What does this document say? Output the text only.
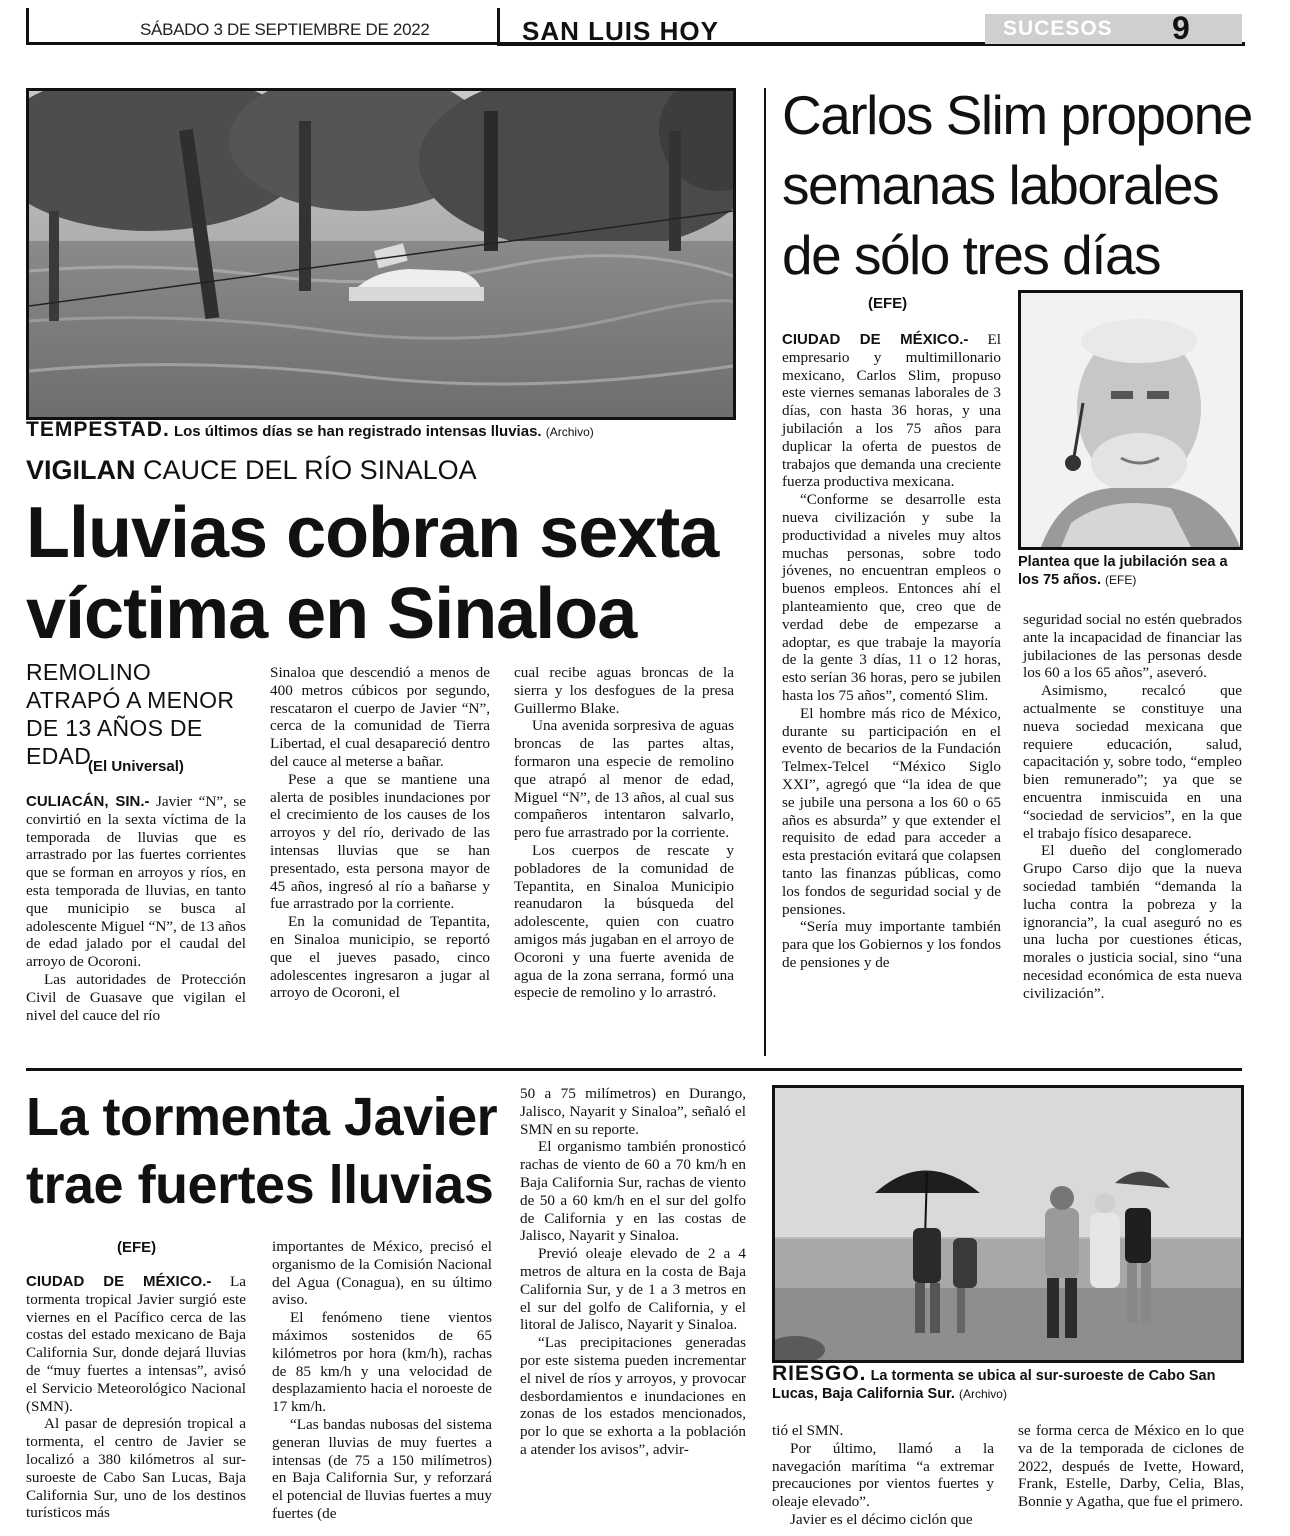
SÁBADO 3 DE SEPTIEMBRE DE 2022	SAN LUIS HOY	SUCESOS 9
TEMPESTAD. Los últimos días se han registrado intensas lluvias. (Archivo)
VIGILAN CAUCE DEL RÍO SINALOA
Lluvias cobran sexta
víctima en Sinaloa
REMOLINO ATRAPÓ A MENOR DE 13 AÑOS DE EDAD
(El Universal)

CULIACÁN, SIN.- Javier “N”, se convirtió en la sexta víctima de la temporada de lluvias que es arrastrado por las fuertes corrientes que se forman en arroyos y ríos, en esta temporada de lluvias, en tanto que municipio se busca al adolescente Miguel “N”, de 13 años de edad jalado por el caudal del arroyo de Ocoroni.

Las autoridades de Protección Civil de Guasave que vigilan el nivel del cauce del río

Sinaloa que descendió a menos de 400 metros cúbicos por segundo, rescataron el cuerpo de Javier “N”, cerca de la comunidad de Tierra Libertad, el cual desapareció dentro del cauce al meterse a bañar.

Pese a que se mantiene una alerta de posibles inundaciones por el crecimiento de los causes de los arroyos y del río, derivado de las intensas lluvias que se han presentado, esta persona mayor de 45 años, ingresó al río a bañarse y fue arrastrado por la corriente.

En la comunidad de Tepantita, en Sinaloa municipio, se reportó que el jueves pasado, cinco adolescentes ingresaron a jugar al arroyo de Ocoroni, el

cual recibe aguas broncas de la sierra y los desfogues de la presa Guillermo Blake.

Una avenida sorpresiva de aguas broncas de las partes altas, formaron una especie de remolino que atrapó al menor de edad, Miguel “N”, de 13 años, al cual sus compañeros intentaron salvarlo, pero fue arrastrado por la corriente.

Los cuerpos de rescate y pobladores de la comunidad de Tepantita, en Sinaloa Municipio reanudaron la búsqueda del adolescente, quien con cuatro amigos más jugaban en el arroyo de Ocoroni y una fuerte avenida de agua de la zona serrana, formó una especie de remolino y lo arrastró.

Carlos Slim propone
semanas laborales
de sólo tres días
(EFE)
Plantea que la jubilación sea a los 75 años. (EFE)

CIUDAD DE MÉXICO.- El empresario y multimillonario mexicano, Carlos Slim, propuso este viernes semanas laborales de 3 días, con hasta 36 horas, y una jubilación a los 75 años para duplicar la oferta de puestos de trabajos que demanda una creciente fuerza productiva mexicana.

“Conforme se desarrolle esta nueva civilización y sube la productividad a niveles muy altos muchas personas, sobre todo jóvenes, no encuentran empleos o buenos empleos. Entonces ahí el planteamiento que, creo que de verdad debe de empezarse a adoptar, es que trabaje la mayoría de la gente 3 días, 11 o 12 horas, esto serían 36 horas, pero se jubilen hasta los 75 años”, comentó Slim.

El hombre más rico de México, durante su participación en el evento de becarios de la Fundación Telmex-Telcel “México Siglo XXI”, agregó que “la idea de que se jubile una persona a los 60 o 65 años es absurda” y que extender el requisito de edad para acceder a esta prestación evitará que colapsen tanto las finanzas públicas, como los fondos de seguridad social y de pensiones.

“Sería muy importante también para que los Gobiernos y los fondos de pensiones y de

seguridad social no estén quebrados ante la incapacidad de financiar las jubilaciones de las personas desde los 60 a los 65 años”, aseveró.

Asimismo, recalcó que actualmente se constituye una nueva sociedad mexicana que requiere educación, salud, capacitación y, sobre todo, “empleo bien remunerado”; ya que se encuentra inmiscuida en una “sociedad de servicios”, en la que el trabajo físico desaparece.

El dueño del conglomerado Grupo Carso dijo que la nueva sociedad también “demanda la lucha contra la pobreza y la ignorancia”, la cual aseguró no es una lucha por cuestiones éticas, morales o justicia social, sino “una necesidad económica de esta nueva civilización”.

La tormenta Javier
trae fuertes lluvias
(EFE)

CIUDAD DE MÉXICO.- La tormenta tropical Javier surgió este viernes en el Pacífico cerca de las costas del estado mexicano de Baja California Sur, donde dejará lluvias de “muy fuertes a intensas”, avisó el Servicio Meteorológico Nacional (SMN).

Al pasar de depresión tropical a tormenta, el centro de Javier se localizó a 380 kilómetros al sur-suroeste de Cabo San Lucas, Baja California Sur, uno de los destinos turísticos más

importantes de México, precisó el organismo de la Comisión Nacional del Agua (Conagua), en su último aviso.

El fenómeno tiene vientos máximos sostenidos de 65 kilómetros por hora (km/h), rachas de 85 km/h y una velocidad de desplazamiento hacia el noroeste de 17 km/h.

“Las bandas nubosas del sistema generan lluvias de muy fuertes a intensas (de 75 a 150 milímetros) en Baja California Sur, y reforzará el potencial de lluvias fuertes a muy fuertes (de

50 a 75 milímetros) en Durango, Jalisco, Nayarit y Sinaloa”, señaló el SMN en su reporte.

El organismo también pronosticó rachas de viento de 60 a 70 km/h en Baja California Sur, rachas de viento de 50 a 60 km/h en el sur del golfo de California y en las costas de Jalisco, Nayarit y Sinaloa.

Previó oleaje elevado de 2 a 4 metros de altura en la costa de Baja California Sur, y de 1 a 3 metros en el sur del golfo de California, y el litoral de Jalisco, Nayarit y Sinaloa.

“Las precipitaciones generadas por este sistema pueden incrementar el nivel de ríos y arroyos, y provocar desbordamientos e inundaciones en zonas de los estados mencionados, por lo que se exhorta a la población a atender los avisos”, advir-

RIESGO. La tormenta se ubica al sur-suroeste de Cabo San Lucas, Baja California Sur. (Archivo)

tió el SMN.

Por último, llamó a la navegación marítima “a extremar precauciones por vientos fuertes y oleaje elevado”.

Javier es el décimo ciclón que

se forma cerca de México en lo que va de la temporada de ciclones de 2022, después de Ivette, Howard, Frank, Estelle, Darby, Celia, Blas, Bonnie y Agatha, que fue el primero.
